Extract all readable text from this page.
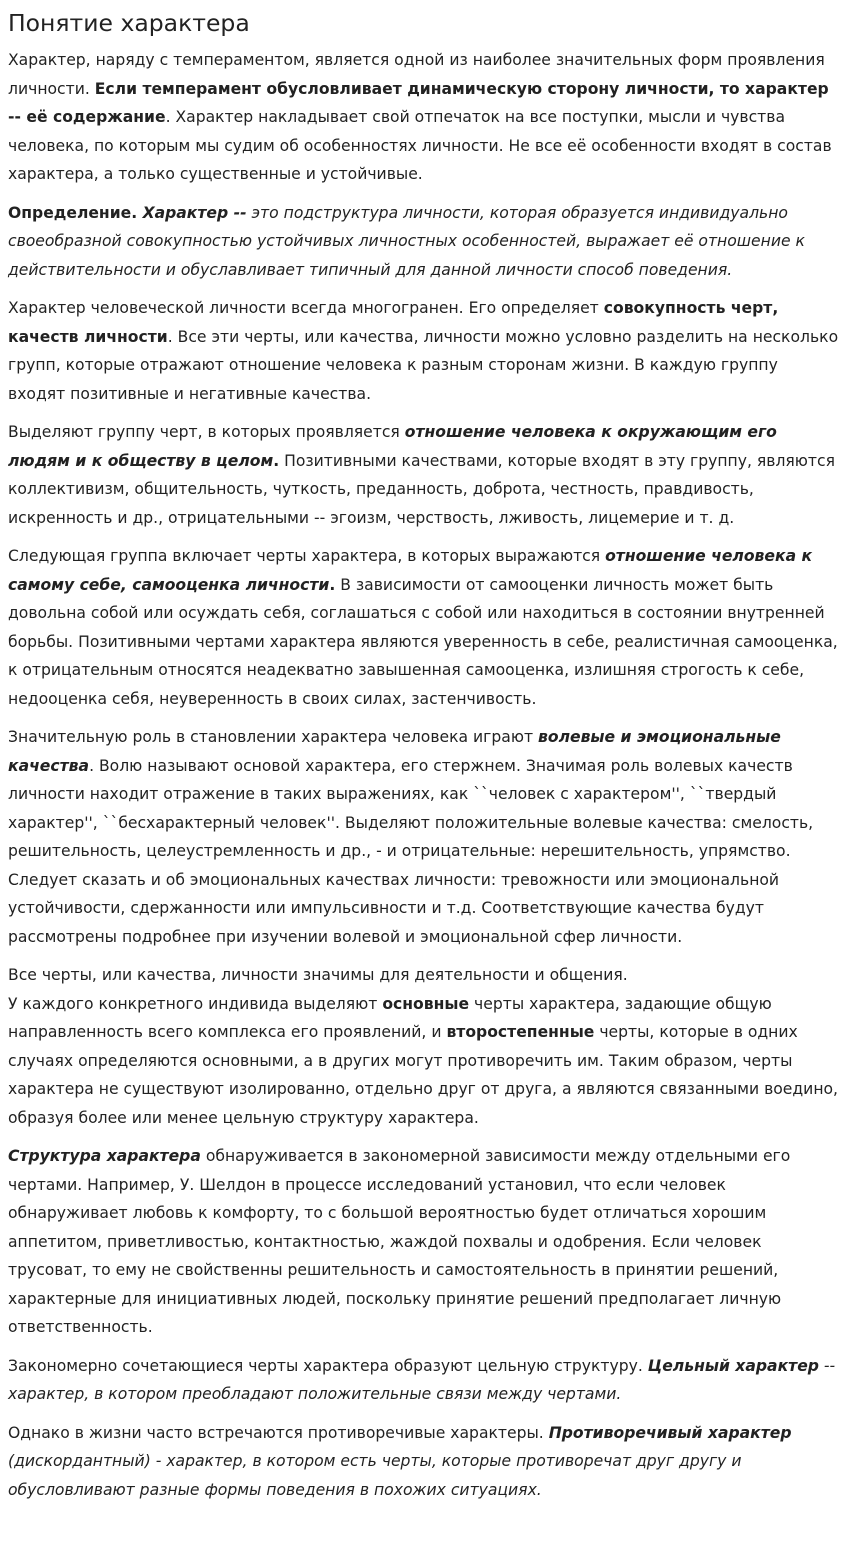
Понятие характера

Характер, наряду с темпераментом, является одной из наиболее значительных форм проявления личности. Если темперамент обусловливает динамическую сторону личности, то характер -- её содержание. Характер накладывает свой отпечаток на все поступки, мысли и чувства человека, по которым мы судим об особенностях личности. Не все её особенности входят в состав характера, а только существенные и устойчивые.

Определение. Характер -- это подструктура личности, которая образуется индивидуально своеобразной совокупностью устойчивых личностных особенностей, выражает её отношение к действительности и обуславливает типичный для данной личности способ поведения.

Характер человеческой личности всегда многогранен. Его определяет совокупность черт, качеств личности. Все эти черты, или качества, личности можно условно разделить на несколько групп, которые отражают отношение человека к разным сторонам жизни. В каждую группу входят позитивные и негативные качества.

Выделяют группу черт, в которых проявляется отношение человека к окружающим его людям и к обществу в целом. Позитивными качествами, которые входят в эту группу, являются коллективизм, общительность, чуткость, преданность, доброта, честность, правдивость, искренность и др., отрицательными -- эгоизм, черствость, лживость, лицемерие и т. д.

Следующая группа включает черты характера, в которых выражаются отношение человека к самому себе, самооценка личности. В зависимости от самооценки личность может быть довольна собой или осуждать себя, соглашаться с собой или находиться в состоянии внутренней борьбы. Позитивными чертами характера являются уверенность в себе, реалистичная самооценка, к отрицательным относятся неадекватно завышенная самооценка, излишняя строгость к себе, недооценка себя, неуверенность в своих силах, застенчивость.

Значительную роль в становлении характера человека играют волевые и эмоциональные качества. Волю называют основой характера, его стержнем. Значимая роль волевых качеств личности находит отражение в таких выражениях, как ``человек с характером'', ``твердый характер'', ``бесхарактерный человек''. Выделяют положительные волевые качества: смелость, решительность, целеустремленность и др., - и отрицательные: нерешительность, упрямство. Следует сказать и об эмоциональных качествах личности: тревожности или эмоциональной устойчивости, сдержанности или импульсивности и т.д. Соответствующие качества будут рассмотрены подробнее при изучении волевой и эмоциональной сфер личности.

Все черты, или качества, личности значимы для деятельности и общения.

У каждого конкретного индивида выделяют основные черты характера, задающие общую направленность всего комплекса его проявлений, и второстепенные черты, которые в одних случаях определяются основными, а в других могут противоречить им. Таким образом, черты характера не существуют изолированно, отдельно друг от друга, а являются связанными воедино, образуя более или менее цельную структуру характера.

Структура характера обнаруживается в закономерной зависимости между отдельными его чертами. Например, У. Шелдон в процессе исследований установил, что если человек обнаруживает любовь к комфорту, то с большой вероятностью будет отличаться хорошим аппетитом, приветливостью, контактностью, жаждой похвалы и одобрения. Если человек трусоват, то ему не свойственны решительность и самостоятельность в принятии решений, характерные для инициативных людей, поскольку принятие решений предполагает личную ответственность.

Закономерно сочетающиеся черты характера образуют цельную структуру. Цельный характер -- характер, в котором преобладают положительные связи между чертами.

Однако в жизни часто встречаются противоречивые характеры. Противоречивый характер (дискордантный) - характер, в котором есть черты, которые противоречат друг другу и обусловливают разные формы поведения в похожих ситуациях.
